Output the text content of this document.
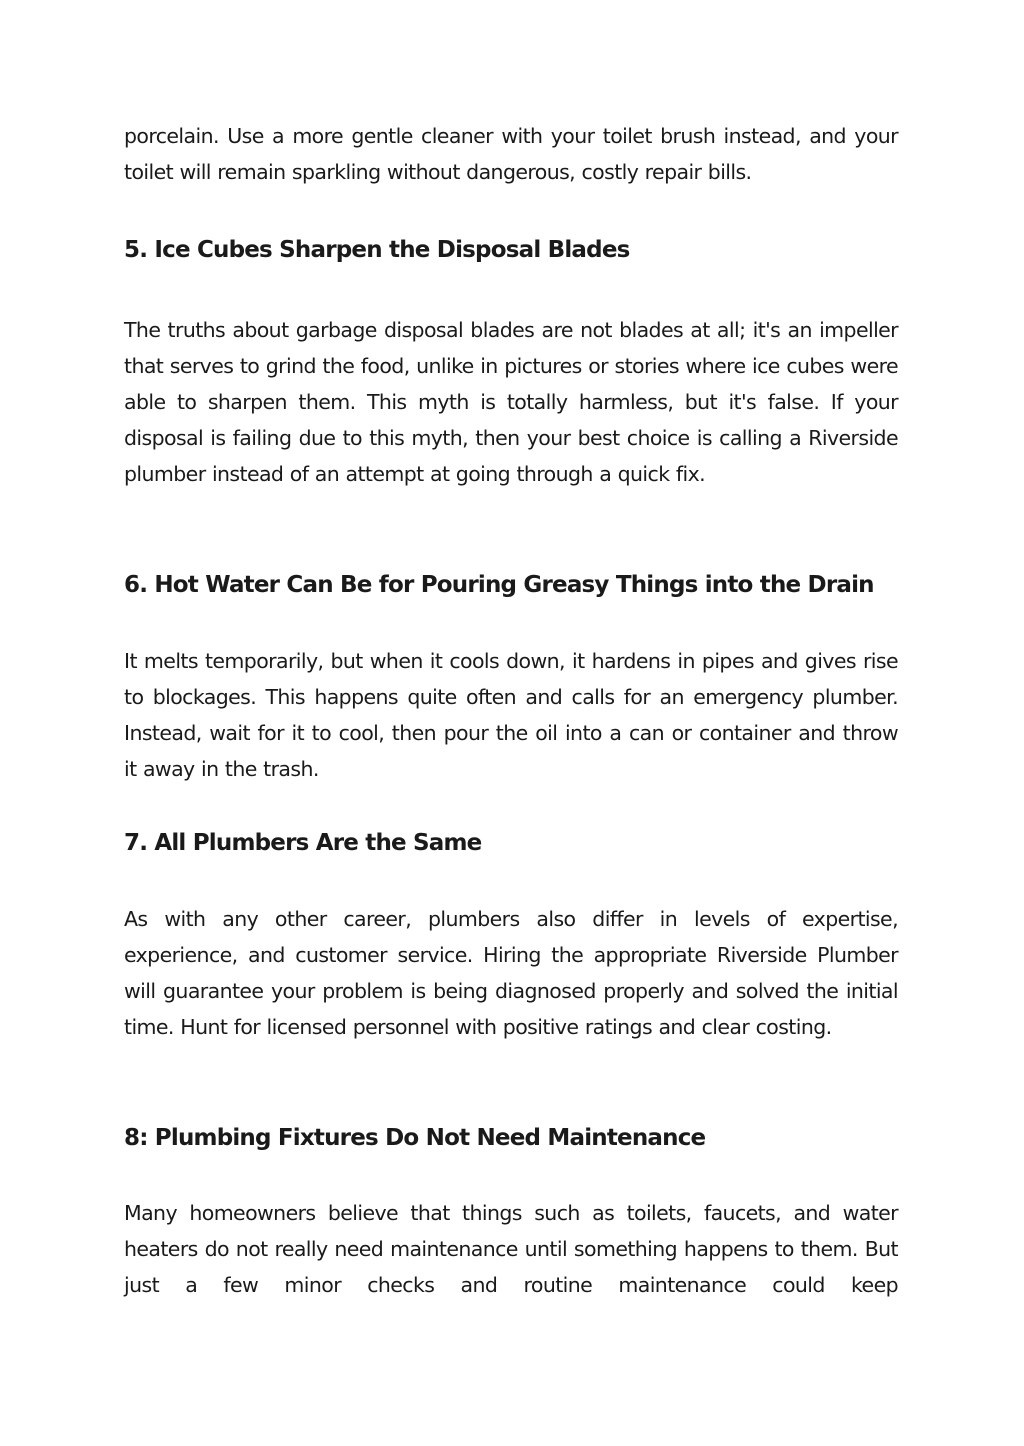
porcelain. Use a more gentle cleaner with your toilet brush instead, and your toilet will remain sparkling without dangerous, costly repair bills.

5. Ice Cubes Sharpen the Disposal Blades

The truths about garbage disposal blades are not blades at all; it's an impeller that serves to grind the food, unlike in pictures or stories where ice cubes were able to sharpen them. This myth is totally harmless, but it's false. If your disposal is failing due to this myth, then your best choice is calling a Riverside plumber instead of an attempt at going through a quick fix.

6. Hot Water Can Be for Pouring Greasy Things into the Drain

It melts temporarily, but when it cools down, it hardens in pipes and gives rise to blockages. This happens quite often and calls for an emergency plumber. Instead, wait for it to cool, then pour the oil into a can or container and throw it away in the trash.

7. All Plumbers Are the Same

As with any other career, plumbers also differ in levels of expertise, experience, and customer service. Hiring the appropriate Riverside Plumber will guarantee your problem is being diagnosed properly and solved the initial time. Hunt for licensed personnel with positive ratings and clear costing.

8: Plumbing Fixtures Do Not Need Maintenance

Many homeowners believe that things such as toilets, faucets, and water heaters do not really need maintenance until something happens to them. But just a few minor checks and routine maintenance could keep
